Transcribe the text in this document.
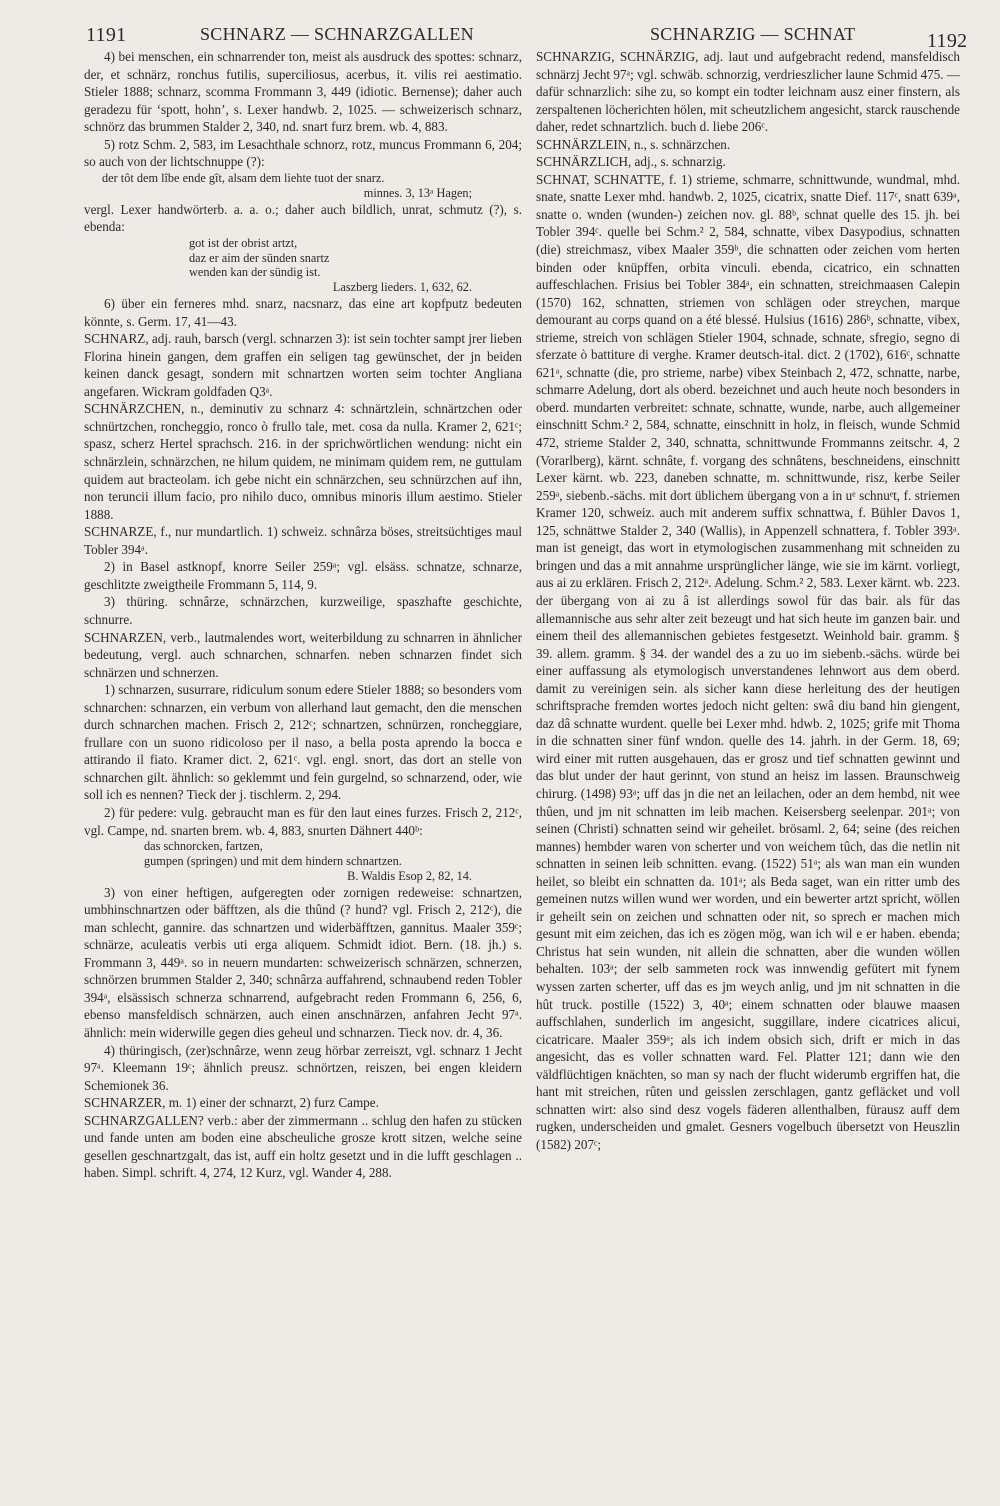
1191	SCHNARZ — SCHNARZGALLEN	SCHNARZIG — SCHNAT	1192

4) bei menschen, ein schnarrender ton, meist als ausdruck des spottes: schnarz, der, et schnärz, ronchus futilis, superciliosus, acerbus, it. vilis rei aestimatio. Stieler 1888; schnarz, scomma Frommann 3, 449 (idiotic. Bernense); daher auch geradezu für ‘spott, hohn’, s. Lexer handwb. 2, 1025. — schweizerisch schnarz, schnörz das brummen Stalder 2, 340, nd. snart furz brem. wb. 4, 883.

5) rotz Schm. 2, 583, im Lesachthale schnorz, rotz, muncus Frommann 6, 204; so auch von der lichtschnuppe (?):

der tôt dem lîbe ende gît, alsam dem liehte tuot der snarz.

minnes. 3, 13ᵃ Hagen;

vergl. Lexer handwörterb. a. a. o.; daher auch bildlich, unrat, schmutz (?), s. ebenda:

got ist der obrist artzt,
daz er aim der sünden snartz
wenden kan der sündig ist.

Laszberg lieders. 1, 632, 62.

6) über ein ferneres mhd. snarz, nacsnarz, das eine art kopfputz bedeuten könnte, s. Germ. 17, 41—43.

SCHNARZ, adj. rauh, barsch (vergl. schnarzen 3): ist sein tochter sampt jrer lieben Florina hinein gangen, dem graffen ein seligen tag gewünschet, der jn beiden keinen danck gesagt, sondern mit schnartzen worten seim tochter Angliana angefaren. Wickram goldfaden Q3ᵃ.

SCHNÄRZCHEN, n., deminutiv zu schnarz 4: schnärtzlein, schnärtzchen oder schnürtzchen, roncheggio, ronco ò frullo tale, met. cosa da nulla. Kramer 2, 621ᶜ; spasz, scherz Hertel sprachsch. 216. in der sprichwörtlichen wendung: nicht ein schnärzlein, schnärzchen, ne hilum quidem, ne minimam quidem rem, ne guttulam quidem aut bracteolam. ich gebe nicht ein schnärzchen, seu schnürzchen auf ihn, non teruncii illum facio, pro nihilo duco, omnibus minoris illum aestimo. Stieler 1888.

SCHNARZE, f., nur mundartlich. 1) schweiz. schnârza böses, streitsüchtiges maul Tobler 394ᵃ.

2) in Basel astknopf, knorre Seiler 259ᵃ; vgl. elsäss. schnatze, schnarze, geschlitzte zweigtheile Frommann 5, 114, 9.

3) thüring. schnârze, schnärzchen, kurzweilige, spaszhafte geschichte, schnurre.

SCHNARZEN, verb., lautmalendes wort, weiterbildung zu schnarren in ähnlicher bedeutung, vergl. auch schnarchen, schnarfen. neben schnarzen findet sich schnärzen und schnerzen.

1) schnarzen, susurrare, ridiculum sonum edere Stieler 1888; so besonders vom schnarchen: schnarzen, ein verbum von allerhand laut gemacht, den die menschen durch schnarchen machen. Frisch 2, 212ᶜ; schnartzen, schnürzen, roncheggiare, frullare con un suono ridicoloso per il naso, a bella posta aprendo la bocca e attirando il fiato. Kramer dict. 2, 621ᶜ. vgl. engl. snort, das dort an stelle von schnarchen gilt. ähnlich: so geklemmt und fein gurgelnd, so schnarzend, oder, wie soll ich es nennen? Tieck der j. tischlerm. 2, 294.

2) für pedere: vulg. gebraucht man es für den laut eines furzes. Frisch 2, 212ᶜ, vgl. Campe, nd. snarten brem. wb. 4, 883, snurten Dähnert 440ᵇ:

das schnorcken, fartzen,
gumpen (springen) und mit dem hindern schnartzen.

B. Waldis Esop 2, 82, 14.

3) von einer heftigen, aufgeregten oder zornigen redeweise: schnartzen, umbhinschnartzen oder bäfftzen, als die thûnd (? hund? vgl. Frisch 2, 212ᶜ), die man schlecht, gannire. das schnartzen und widerbäfftzen, gannitus. Maaler 359ᶜ; schnärze, aculeatis verbis uti erga aliquem. Schmidt idiot. Bern. (18. jh.) s. Frommann 3, 449ᵃ. so in neuern mundarten: schweizerisch schnärzen, schnerzen, schnörzen brummen Stalder 2, 340; schnârza auffahrend, schnaubend reden Tobler 394ᵃ, elsässisch schnerza schnarrend, aufgebracht reden Frommann 6, 256, 6, ebenso mansfeldisch schnärzen, auch einen anschnärzen, anfahren Jecht 97ᵃ. ähnlich: mein widerwille gegen dies geheul und schnarzen. Tieck nov. dr. 4, 36.

4) thüringisch, (zer)schnârze, wenn zeug hörbar zerreiszt, vgl. schnarz 1 Jecht 97ᵃ. Kleemann 19ᶜ; ähnlich preusz. schnörtzen, reiszen, bei engen kleidern Schemionek 36.

SCHNARZER, m. 1) einer der schnarzt, 2) furz Campe.

SCHNARZGALLEN? verb.: aber der zimmermann .. schlug den hafen zu stücken und fande unten am boden eine abscheuliche grosze krott sitzen, welche seine gesellen geschnartzgalt, das ist, auff ein holtz gesetzt und in die lufft geschlagen .. haben. Simpl. schrift. 4, 274, 12 Kurz, vgl. Wander 4, 288.

SCHNARZIG, SCHNÄRZIG, adj. laut und aufgebracht redend, mansfeldisch schnärzj Jecht 97ᵃ; vgl. schwäb. schnorzig, verdrieszlicher laune Schmid 475. — dafür schnarzlich: sihe zu, so kompt ein todter leichnam ausz einer finstern, als zerspaltenen löcherichten hölen, mit scheutzlichem angesicht, starck rauschende daher, redet schnartzlich. buch d. liebe 206ᶜ.

SCHNÄRZLEIN, n., s. schnärzchen.

SCHNÄRZLICH, adj., s. schnarzig.

SCHNAT, SCHNATTE, f. 1) strieme, schmarre, schnittwunde, wundmal, mhd. snate, snatte Lexer mhd. handwb. 2, 1025, cicatrix, snatte Dief. 117ᶜ, snatt 639ᵃ, snatte o. wnden (wunden-) zeichen nov. gl. 88ᵇ, schnat quelle des 15. jh. bei Tobler 394ᶜ. quelle bei Schm.² 2, 584, schnatte, vibex Dasypodius, schnatten (die) streichmasz, vibex Maaler 359ᵇ, die schnatten oder zeichen vom herten binden oder knüpffen, orbita vinculi. ebenda, cicatrico, ein schnatten auffeschlachen. Frisius bei Tobler 384ᵃ, ein schnatten, streichmaasen Calepin (1570) 162, schnatten, striemen von schlägen oder streychen, marque demourant au corps quand on a été blessé. Hulsius (1616) 286ᵇ, schnatte, vibex, strieme, streich von schlägen Stieler 1904, schnade, schnate, sfregio, segno di sferzate ò battiture di verghe. Kramer deutsch-ital. dict. 2 (1702), 616ᶜ, schnatte 621ᵃ, schnatte (die, pro strieme, narbe) vibex Steinbach 2, 472, schnatte, narbe, schmarre Adelung, dort als oberd. bezeichnet und auch heute noch besonders in oberd. mundarten verbreitet: schnate, schnatte, wunde, narbe, auch allgemeiner einschnitt Schm.² 2, 584, schnatte, einschnitt in holz, in fleisch, wunde Schmid 472, strieme Stalder 2, 340, schnatta, schnittwunde Frommanns zeitschr. 4, 2 (Vorarlberg), kärnt. schnâte, f. vorgang des schnâtens, beschneidens, einschnitt Lexer kärnt. wb. 223, daneben schnatte, m. schnittwunde, risz, kerbe Seiler 259ᵃ, siebenb.-sächs. mit dort üblichem übergang von a in uᵉ schnuᵉt, f. striemen Kramer 120, schweiz. auch mit anderem suffix schnattwa, f. Bühler Davos 1, 125, schnättwe Stalder 2, 340 (Wallis), in Appenzell schnattera, f. Tobler 393ᵃ. man ist geneigt, das wort in etymologischen zusammenhang mit schneiden zu bringen und das a mit annahme ursprünglicher länge, wie sie im kärnt. vorliegt, aus ai zu erklären. Frisch 2, 212ᵃ. Adelung. Schm.² 2, 583. Lexer kärnt. wb. 223. der übergang von ai zu â ist allerdings sowol für das bair. als für das allemannische aus sehr alter zeit bezeugt und hat sich heute im ganzen bair. und einem theil des allemannischen gebietes festgesetzt. Weinhold bair. gramm. § 39. allem. gramm. § 34. der wandel des a zu uo im siebenb.-sächs. würde bei einer auffassung als etymologisch unverstandenes lehnwort aus dem oberd. damit zu vereinigen sein. als sicher kann diese herleitung des der heutigen schriftsprache fremden wortes jedoch nicht gelten: swâ diu band hin giengent, daz dâ schnatte wurdent. quelle bei Lexer mhd. hdwb. 2, 1025; grife mit Thoma in die schnatten siner fünf wndon. quelle des 14. jahrh. in der Germ. 18, 69; wird einer mit rutten ausgehauen, das er grosz und tief schnatten gewinnt und das blut under der haut gerinnt, von stund an heisz im lassen. Braunschweig chirurg. (1498) 93ᵃ; uff das jn die net an leilachen, oder an dem hembd, nit wee thûen, und jm nit schnatten im leib machen. Keisersberg seelenpar. 201ᵃ; von seinen (Christi) schnatten seind wir geheilet. brösaml. 2, 64; seine (des reichen mannes) hembder waren von scherter und von weichem tûch, das die netlin nit schnatten in seinen leib schnitten. evang. (1522) 51ᵃ; als wan man ein wunden heilet, so bleibt ein schnatten da. 101ᵃ; als Beda saget, wan ein ritter umb des gemeinen nutzs willen wund wer worden, und ein bewerter artzt spricht, wöllen ir geheilt sein on zeichen und schnatten oder nit, so sprech er machen mich gesunt mit eim zeichen, das ich es zögen mög, wan ich wil e er haben. ebenda; Christus hat sein wunden, nit allein die schnatten, aber die wunden wöllen behalten. 103ᵃ; der selb sammeten rock was innwendig gefütert mit fynem wyssen zarten scherter, uff das es jm weych anlig, und jm nit schnatten in die hût truck. postille (1522) 3, 40ᵃ; einem schnatten oder blauwe maasen auffschlahen, sunderlich im angesicht, suggillare, indere cicatrices alicui, cicatricare. Maaler 359ᵃ; als ich indem obsich sich, drift er mich in das angesicht, das es voller schnatten ward. Fel. Platter 121; dann wie den väldflüchtigen knächten, so man sy nach der flucht widerumb ergriffen hat, die hant mit streichen, rûten und geisslen zerschlagen, gantz gefläcket und voll schnatten wirt: also sind desz vogels fäderen allenthalben, fürausz auff dem rugken, underscheiden und gmalet. Gesners vogelbuch übersetzt von Heuszlin (1582) 207ᶜ;
